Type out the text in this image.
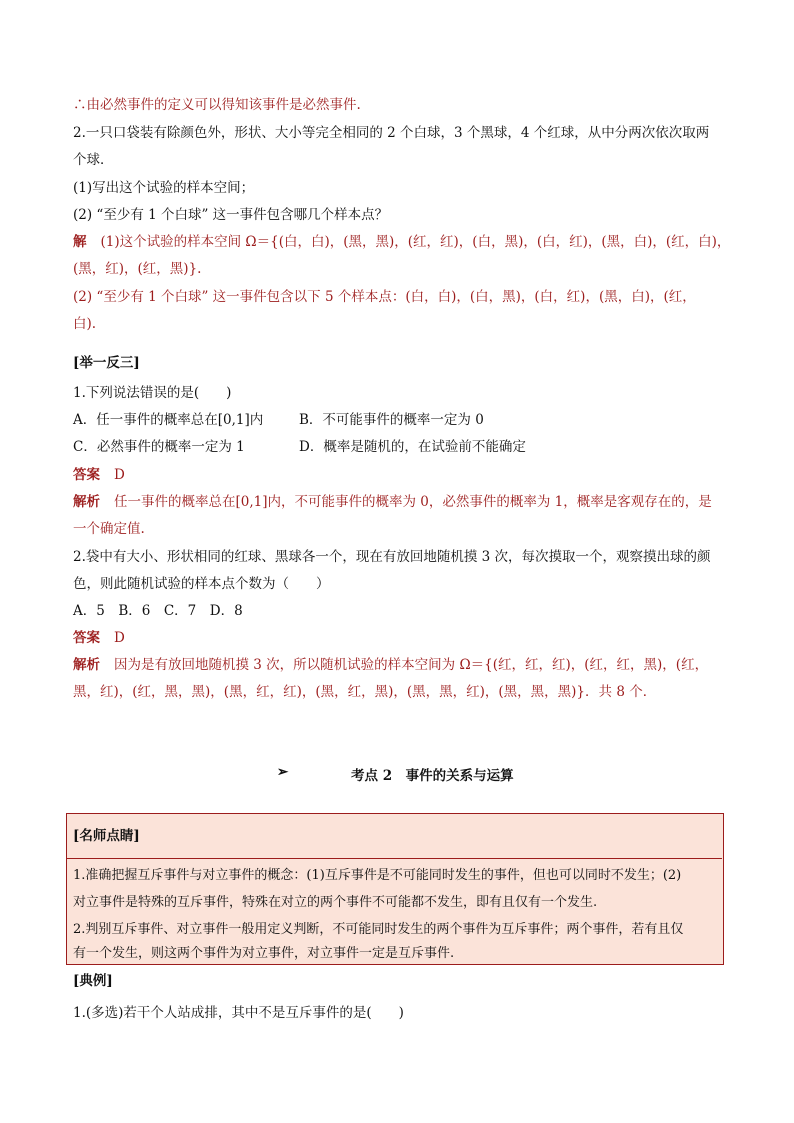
∴由必然事件的定义可以得知该事件是必然事件.
2.一只口袋装有除颜色外，形状、大小等完全相同的 2 个白球，3 个黑球，4 个红球，从中分两次依次取两
个球．
(1)写出这个试验的样本空间；
(2) “至少有 1 个白球” 这一事件包含哪几个样本点？
解 (1)这个试验的样本空间 Ω＝{(白，白)，(黑，黑)，(红，红)，(白，黑)，(白，红)，(黑，白)，(红，白)，
(黑，红)，(红，黑)}.
(2) “至少有 1 个白球” 这一事件包含以下 5 个样本点：(白，白)，(白，黑)，(白，红)，(黑，白)，(红，
白).
[举一反三]
1.下列说法错误的是(　　)
A．任一事件的概率总在[0,1]内	B．不可能事件的概率一定为 0
C．必然事件的概率一定为 1	D．概率是随机的，在试验前不能确定
答案 D
解析 任一事件的概率总在[0,1]内，不可能事件的概率为 0，必然事件的概率为 1，概率是客观存在的，是
一个确定值.
2.袋中有大小、形状相同的红球、黑球各一个，现在有放回地随机摸 3 次，每次摸取一个，观察摸出球的颜
色，则此随机试验的样本点个数为（　　）
A．5　B．6　C．7　D．8
答案 D
解析 因为是有放回地随机摸 3 次，所以随机试验的样本空间为 Ω＝{(红，红，红)，(红，红，黑)，(红，
黑，红)，(红，黑，黑)，(黑，红，红)，(黑，红，黑)，(黑，黑，红)，(黑，黑，黑)}．共 8 个．
➢	考点 2　事件的关系与运算
[名师点睛]
1.准确把握互斥事件与对立事件的概念：(1)互斥事件是不可能同时发生的事件，但也可以同时不发生；(2)
对立事件是特殊的互斥事件，特殊在对立的两个事件不可能都不发生，即有且仅有一个发生.
2.判别互斥事件、对立事件一般用定义判断，不可能同时发生的两个事件为互斥事件；两个事件，若有且仅
有一个发生，则这两个事件为对立事件，对立事件一定是互斥事件.
[典例]
1.(多选)若干个人站成排，其中不是互斥事件的是(　　)
